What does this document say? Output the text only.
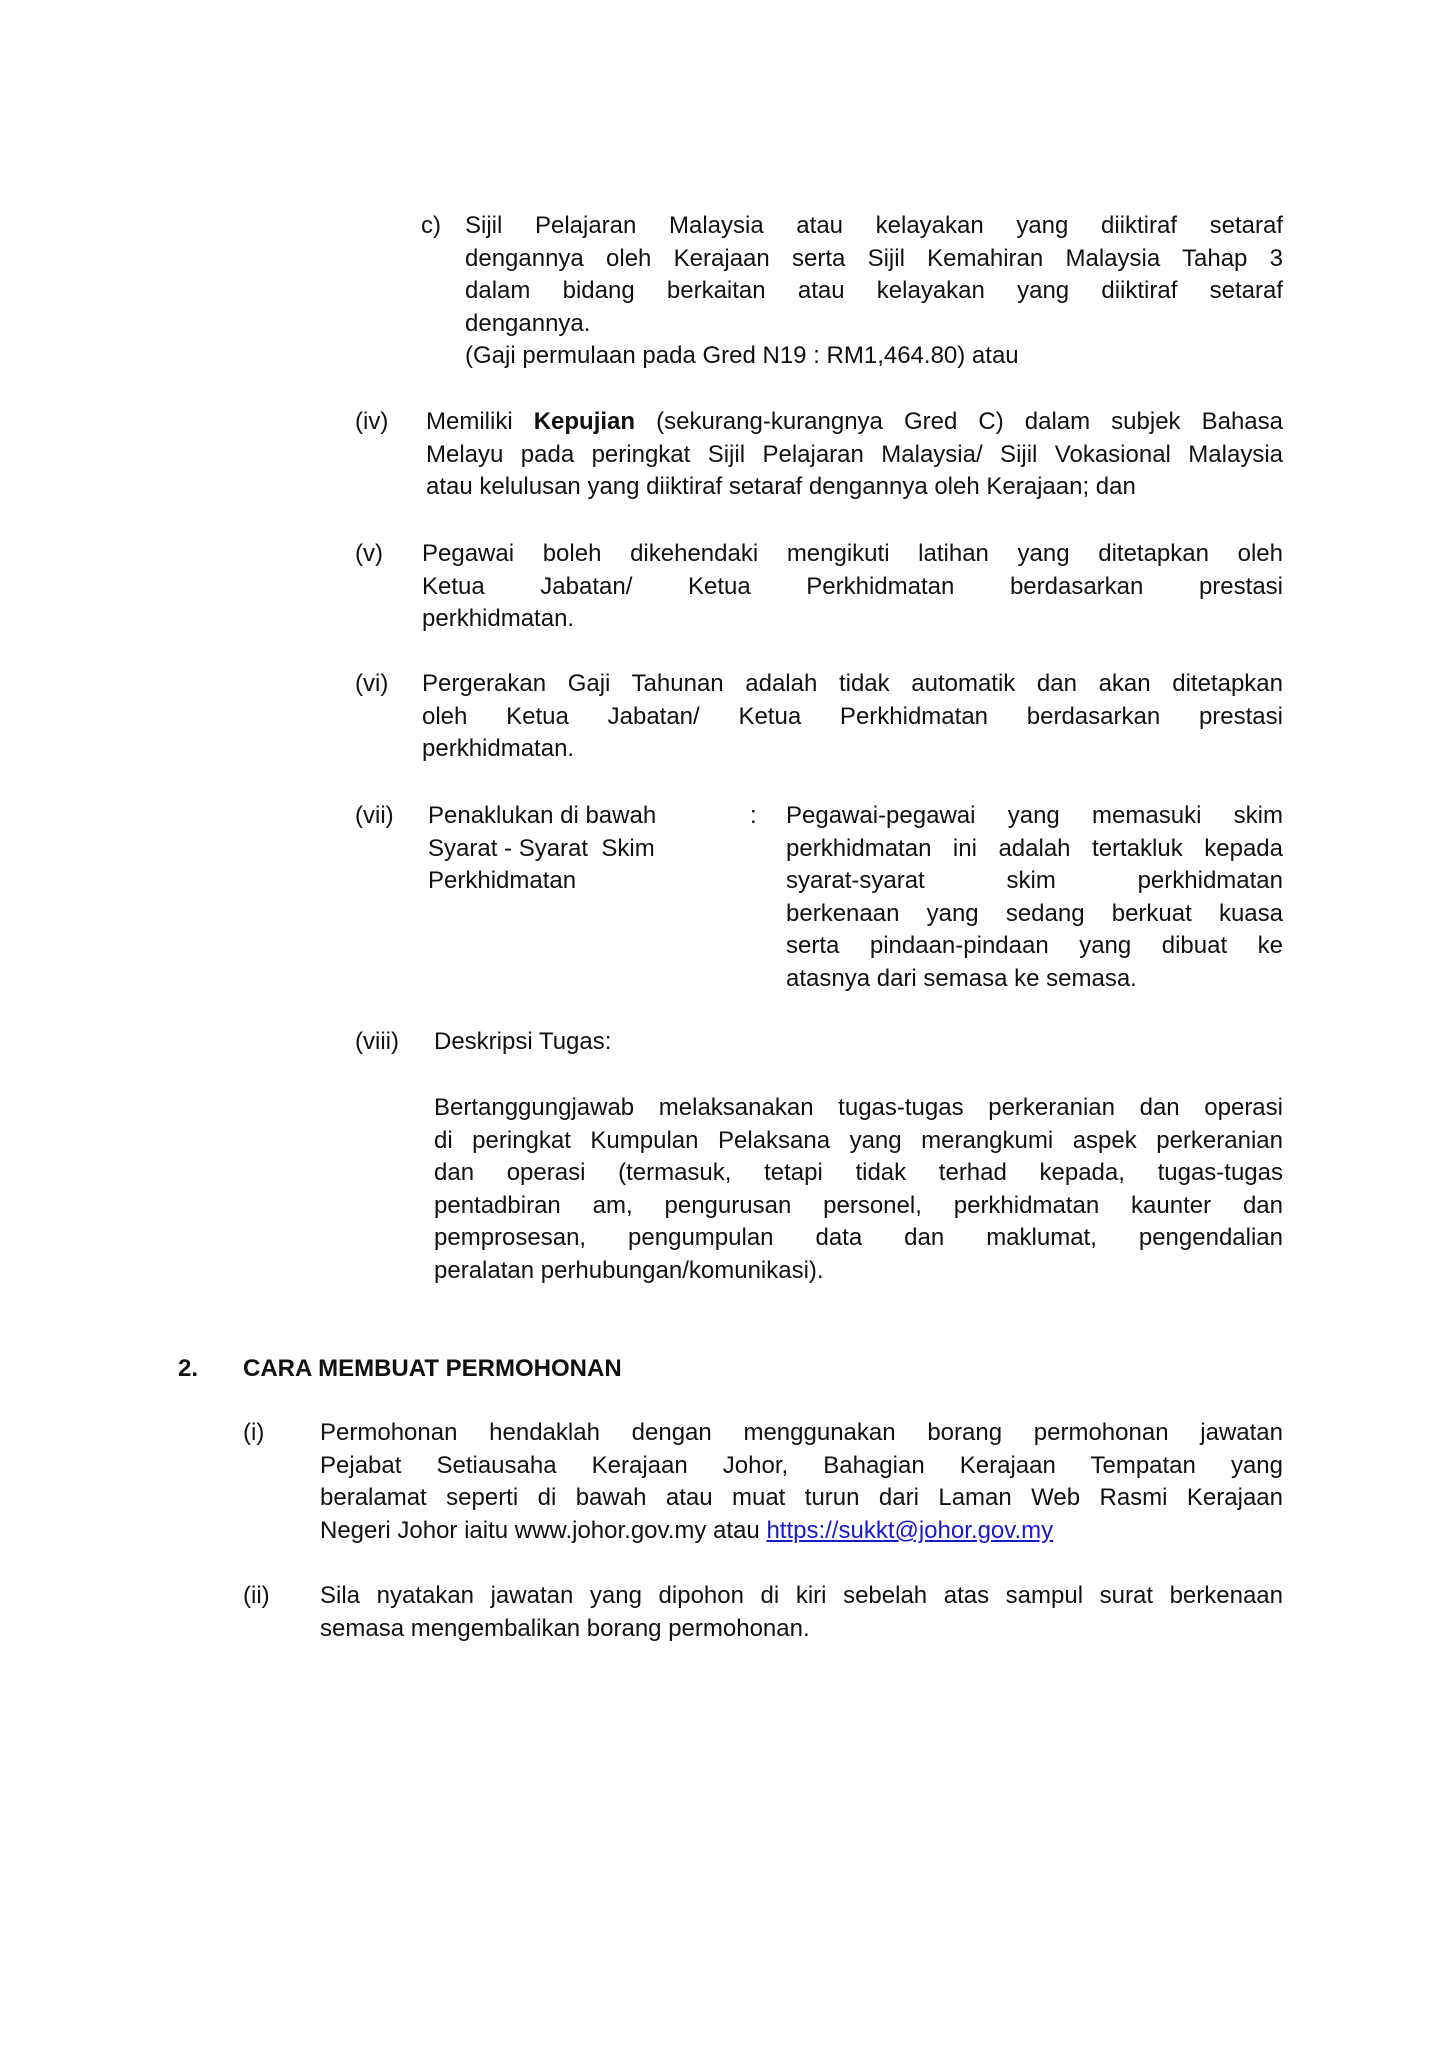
c) Sijil Pelajaran Malaysia atau kelayakan yang diiktiraf setaraf
dengannya oleh Kerajaan serta Sijil Kemahiran Malaysia Tahap 3
dalam bidang berkaitan atau kelayakan yang diiktiraf setaraf
dengannya.
(Gaji permulaan pada Gred N19 : RM1,464.80) atau
(iv) Memiliki Kepujian (sekurang-kurangnya Gred C) dalam subjek Bahasa
Melayu pada peringkat Sijil Pelajaran Malaysia/ Sijil Vokasional Malaysia
atau kelulusan yang diiktiraf setaraf dengannya oleh Kerajaan; dan
(v) Pegawai boleh dikehendaki mengikuti latihan yang ditetapkan oleh
Ketua Jabatan/ Ketua Perkhidmatan berdasarkan prestasi
perkhidmatan.
(vi) Pergerakan Gaji Tahunan adalah tidak automatik dan akan ditetapkan
oleh Ketua Jabatan/ Ketua Perkhidmatan berdasarkan prestasi
perkhidmatan.
(vii) Penaklukan di bawah
Syarat - Syarat  Skim
Perkhidmatan
: Pegawai-pegawai yang memasuki skim
perkhidmatan ini adalah tertakluk kepada
syarat-syarat skim perkhidmatan
berkenaan yang sedang berkuat kuasa
serta pindaan-pindaan yang dibuat ke
atasnya dari semasa ke semasa.
(viii) Deskripsi Tugas:
Bertanggungjawab melaksanakan tugas-tugas perkeranian dan operasi
di peringkat Kumpulan Pelaksana yang merangkumi aspek perkeranian
dan operasi (termasuk, tetapi tidak terhad kepada, tugas-tugas
pentadbiran am, pengurusan personel, perkhidmatan kaunter dan
pemprosesan, pengumpulan data dan maklumat, pengendalian
peralatan perhubungan/komunikasi).
2. CARA MEMBUAT PERMOHONAN
(i) Permohonan hendaklah dengan menggunakan borang permohonan jawatan
Pejabat Setiausaha Kerajaan Johor, Bahagian Kerajaan Tempatan yang
beralamat seperti di bawah atau muat turun dari Laman Web Rasmi Kerajaan
Negeri Johor iaitu www.johor.gov.my atau https://sukkt@johor.gov.my
(ii) Sila nyatakan jawatan yang dipohon di kiri sebelah atas sampul surat berkenaan
semasa mengembalikan borang permohonan.
